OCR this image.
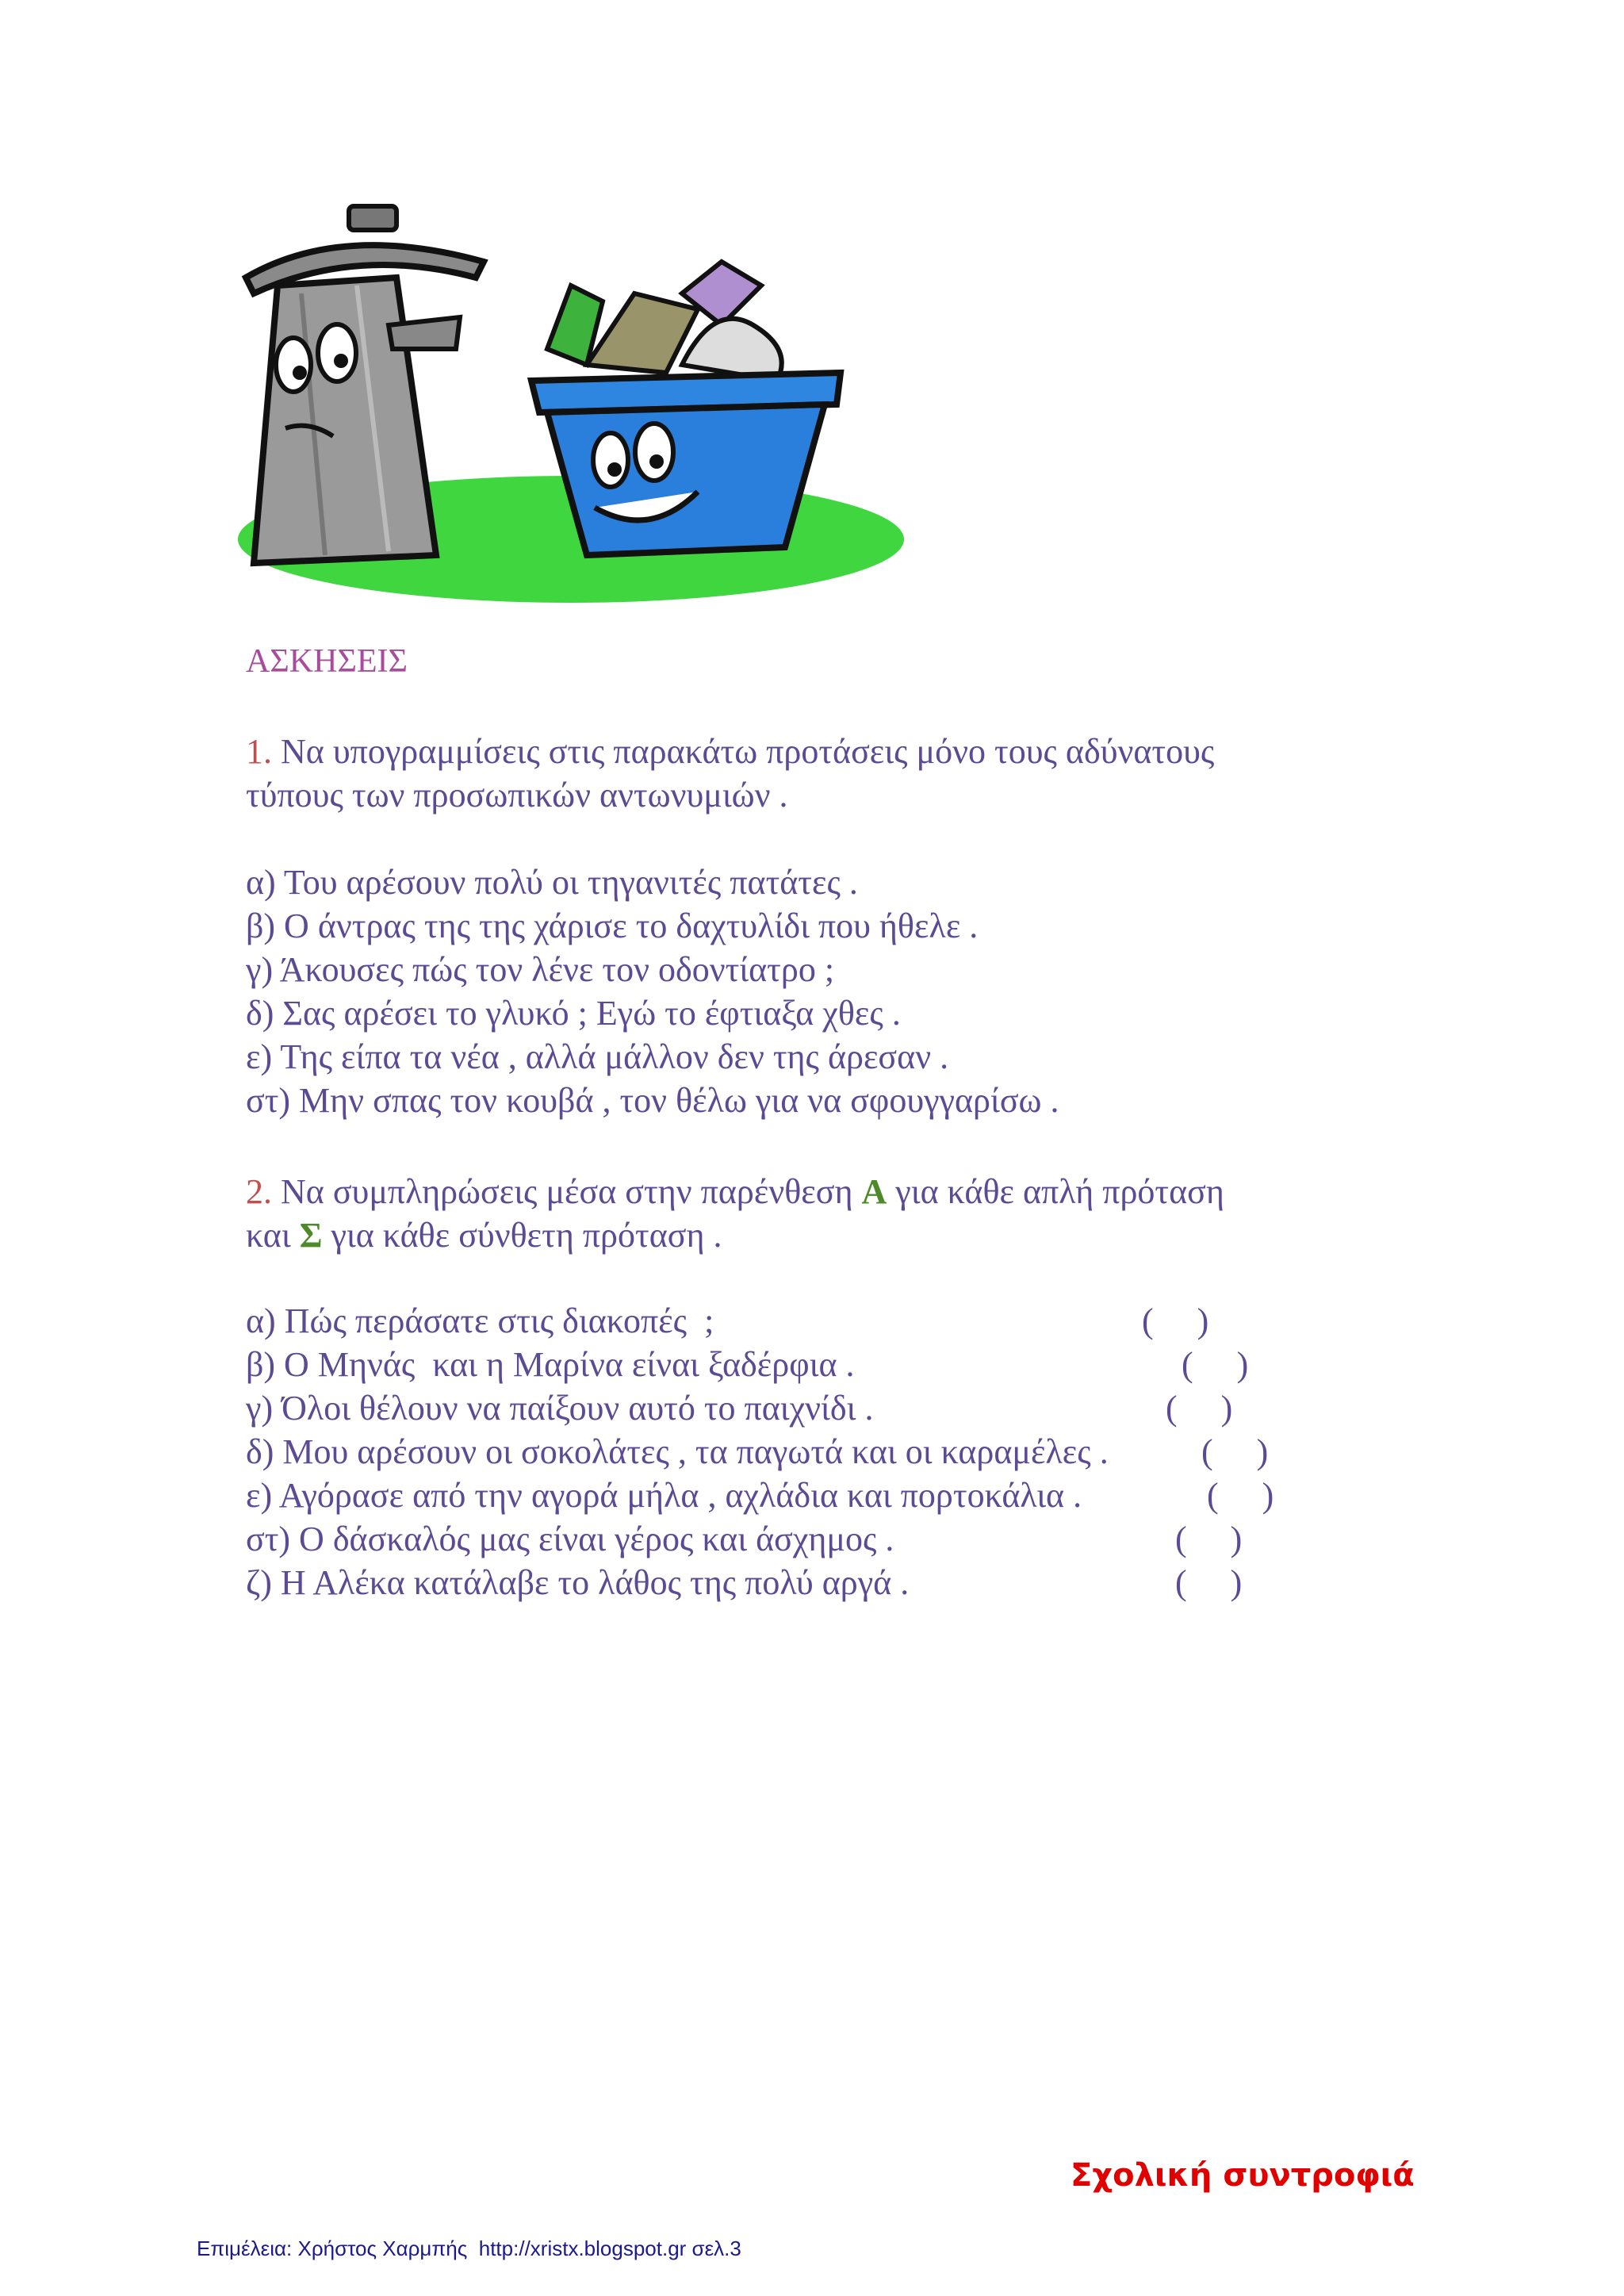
ΑΣΚΗΣΕΙΣ
1. Να υπογραμμίσεις στις παρακάτω προτάσεις μόνο τους αδύνατους
τύπους των προσωπικών αντωνυμιών .
α) Του αρέσουν πολύ οι τηγανιτές πατάτες .
β) Ο άντρας της της χάρισε το δαχτυλίδι που ήθελε .
γ) Άκουσες πώς τον λένε τον οδοντίατρο ;
δ) Σας αρέσει το γλυκό ; Εγώ το έφτιαξα χθες .
ε) Της είπα τα νέα , αλλά μάλλον δεν της άρεσαν .
στ) Μην σπας τον κουβά , τον θέλω για να σφουγγαρίσω .
2. Να συμπληρώσεις μέσα στην παρένθεση Α για κάθε απλή πρόταση
και Σ για κάθε σύνθετη πρόταση .
α) Πώς περάσατε στις διακοπές  ;	(     )
β) Ο Μηνάς  και η Μαρίνα είναι ξαδέρφια .	(     )
γ) Όλοι θέλουν να παίξουν αυτό το παιχνίδι .	(     )
δ) Μου αρέσουν οι σοκολάτες , τα παγωτά και οι καραμέλες .	(     )
ε) Αγόρασε από την αγορά μήλα , αχλάδια και πορτοκάλια .	(     )
στ) Ο δάσκαλός μας είναι γέρος και άσχημος .	(     )
ζ) Η Αλέκα κατάλαβε το λάθος της πολύ αργά .	(     )
Σχολική συντροφιά
Επιμέλεια: Χρήστος Χαρμπής  http://xristx.blogspot.gr σελ.3
